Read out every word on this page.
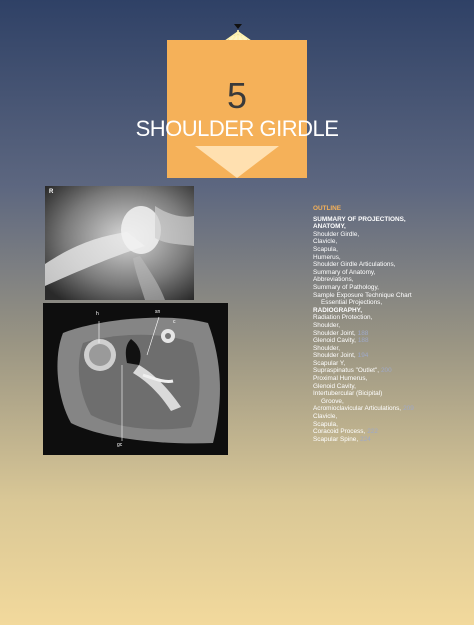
5
SHOULDER GIRDLE
R
h	sn
c
gc
OUTLINE
SUMMARY OF PROJECTIONS,
ANATOMY,
Shoulder Girdle,
Clavicle,
Scapula,
Humerus,
Shoulder Girdle Articulations,
Summary of Anatomy,
Abbreviations,
Summary of Pathology,
Sample Exposure Technique Chart
Essential Projections,
RADIOGRAPHY,
Radiation Protection,
Shoulder,
Shoulder Joint, 188
Glenoid Cavity, 188
Shoulder,
Shoulder Joint, 194
Scapular Y,
Supraspinatus "Outlet", 200
Proximal Humerus,
Glenoid Cavity,
Intertubercular (Bicipital)
Groove,
Acromioclavicular Articulations, 209
Clavicle,
Scapula,
Coracoid Process, 222
Scapular Spine, 224
